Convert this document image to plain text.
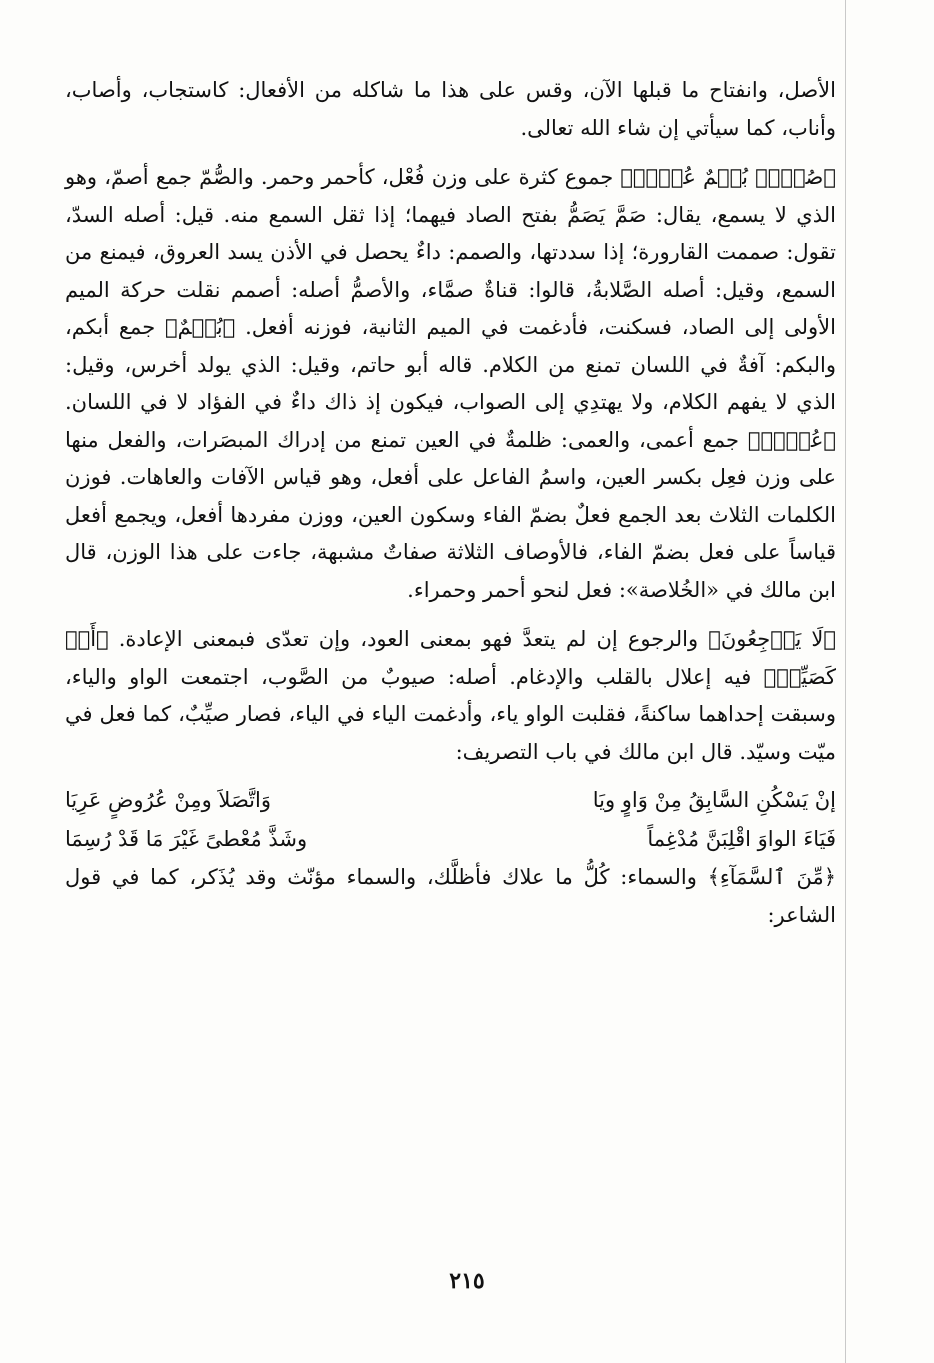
الأصل، وانفتاح ما قبلها الآن، وقس على هذا ما شاكله من الأفعال: كاستجاب، وأصاب، وأناب، كما سيأتي إن شاء الله تعالى.

﴿صُمُّۢ بُكۡمٌ عُمۡيٞ﴾ جموع كثرة على وزن فُعْل، كأحمر وحمر. والصُّمّ جمع أصمّ، وهو الذي لا يسمع، يقال: صَمَّ يَصَمُّ بفتح الصاد فيهما؛ إذا ثقل السمع منه. قيل: أصله السدّ، تقول: صممت القارورة؛ إذا سددتها، والصمم: داءٌ يحصل في الأذن يسد العروق، فيمنع من السمع، وقيل: أصله الصَّلابةُ، قالوا: قناةٌ صمَّاء، والأصمُّ أصله: أصمم نقلت حركة الميم الأولى إلى الصاد، فسكنت، فأدغمت في الميم الثانية، فوزنه أفعل. ﴿بُكۡمٌ﴾ جمع أبكم، والبكم: آفةٌ في اللسان تمنع من الكلام. قاله أبو حاتم، وقيل: الذي يولد أخرس، وقيل: الذي لا يفهم الكلام، ولا يهتدِي إلى الصواب، فيكون إذ ذاك داءٌ في الفؤاد لا في اللسان. ﴿عُمۡيٞ﴾ جمع أعمى، والعمى: ظلمةٌ في العين تمنع من إدراك المبصَرات، والفعل منها على وزن فعِل بكسر العين، واسمُ الفاعل على أفعل، وهو قياس الآفات والعاهات. فوزن الكلمات الثلاث بعد الجمع فعلٌ بضمّ الفاء وسكون العين، ووزن مفردها أفعل، ويجمع أفعل قياساً على فعل بضمّ الفاء، فالأوصاف الثلاثة صفاتٌ مشبهة، جاءت على هذا الوزن، قال ابن مالك في «الخُلاصة»: فعل لنحو أحمر وحمراء.

﴿لَا يَرۡجِعُونَ﴾ والرجوع إن لم يتعدَّ فهو بمعنى العود، وإن تعدّى فبمعنى الإعادة. ﴿أَوۡ كَصَيِّبٖ﴾ فيه إعلال بالقلب والإدغام. أصله: صيوبٌ من الصَّوب، اجتمعت الواو والياء، وسبقت إحداهما ساكنةً، فقلبت الواو ياء، وأدغمت الياء في الياء، فصار صيِّبٌ، كما فعل في ميّت وسيّد. قال ابن مالك في باب التصريف:

إنْ يَسْكُنِ السَّابِقُ مِنْ وَاوٍ ويَا
وَاتَّصَلاَ ومِنْ عُرُوضٍ عَرِيَا
فَيَاءَ الواوَ اقْلِبَنَّ مُدْغِماً
وشَذَّ مُعْطىً غَيْرَ مَا قَدْ رُسِمَا

﴿مِّنَ ٱلسَّمَآءِ﴾ والسماء: كُلُّ ما علاك فأظلَّك، والسماء مؤنّث وقد يُذَكر، كما في قول الشاعر:

٢١٥
